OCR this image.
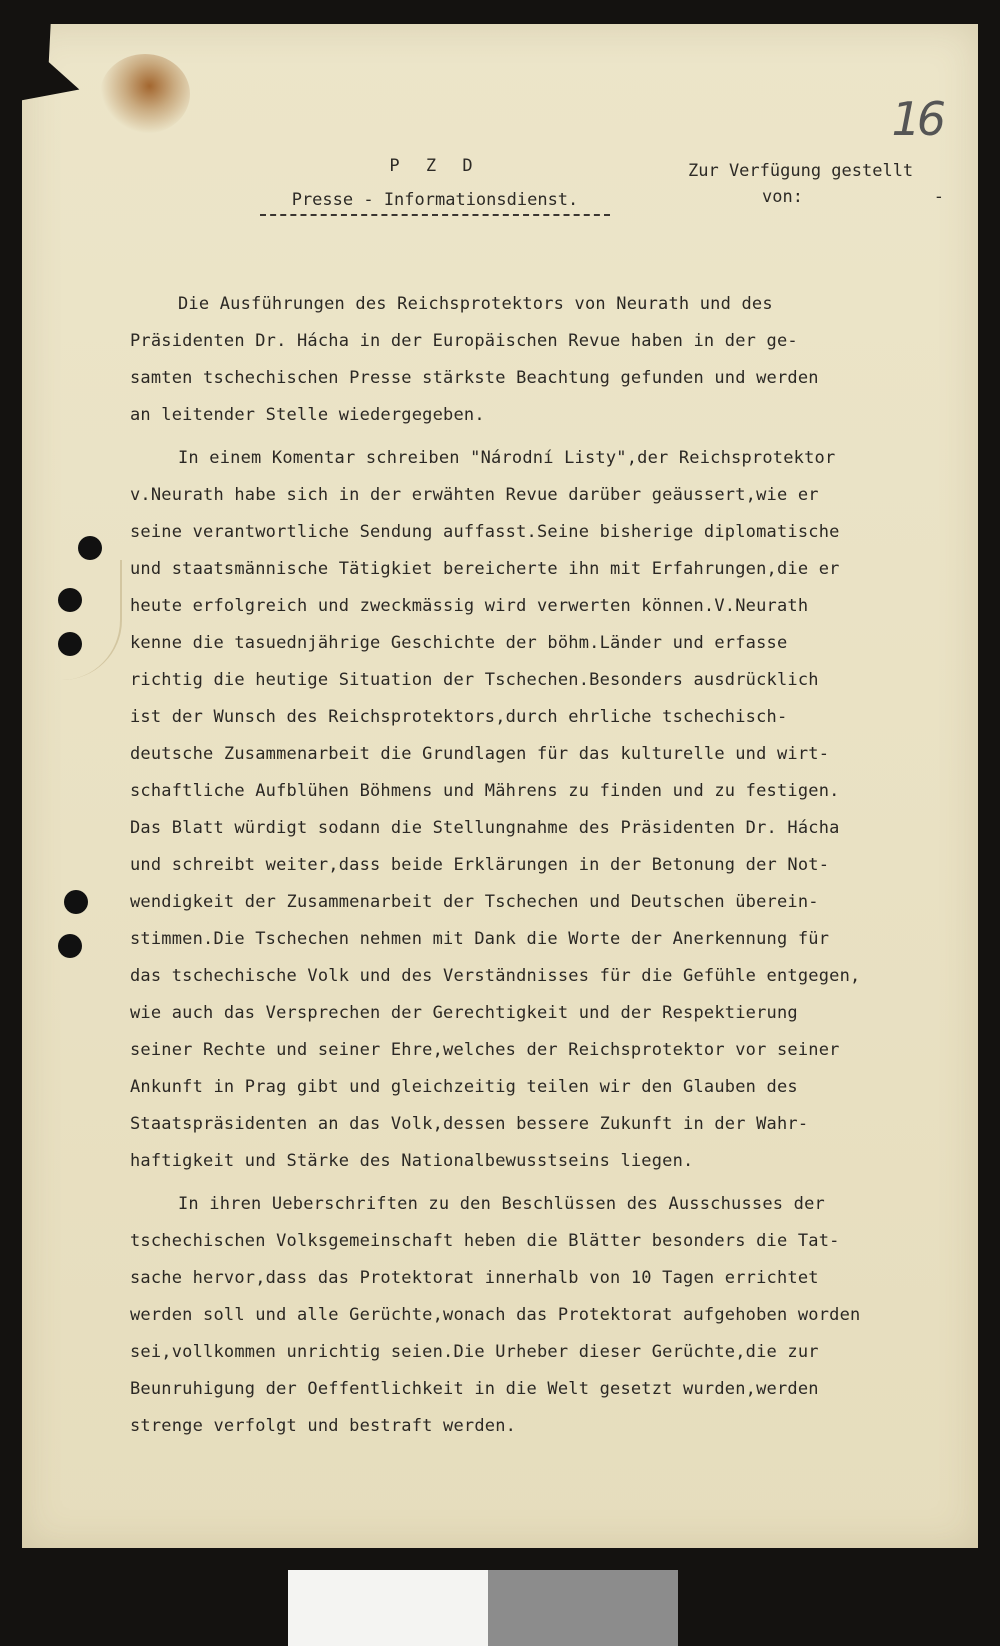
16
P Z D
Presse - Informationsdienst.
Zur Verfügung gestellt
von:	-
Die Ausführungen des Reichsprotektors von Neurath und des
Präsidenten Dr. Hácha in der Europäischen Revue haben in der ge-
samten tschechischen Presse stärkste Beachtung gefunden und werden
an leitender Stelle wiedergegeben.
In einem Komentar schreiben "Národní Listy",der Reichsprotektor
v.Neurath habe sich in der erwähten Revue darüber geäussert,wie er
seine verantwortliche Sendung auffasst.Seine bisherige diplomatische
und staatsmännische Tätigkiet bereicherte ihn mit Erfahrungen,die er
heute erfolgreich und zweckmässig wird verwerten können.V.Neurath
kenne die tasuednjährige Geschichte der böhm.Länder und erfasse
richtig die heutige Situation der Tschechen.Besonders ausdrücklich
ist der Wunsch des Reichsprotektors,durch ehrliche tschechisch-
deutsche Zusammenarbeit die Grundlagen für das kulturelle und wirt-
schaftliche Aufblühen Böhmens und Mährens zu finden und zu festigen.
Das Blatt würdigt sodann die Stellungnahme des Präsidenten Dr. Hácha
und schreibt weiter,dass beide Erklärungen in der Betonung der Not-
wendigkeit der Zusammenarbeit der Tschechen und Deutschen überein-
stimmen.Die Tschechen nehmen mit Dank die Worte der Anerkennung für
das tschechische Volk und des Verständnisses für die Gefühle entgegen,
wie auch das Versprechen der Gerechtigkeit und der Respektierung
seiner Rechte und seiner Ehre,welches der Reichsprotektor vor seiner
Ankunft in Prag gibt und gleichzeitig teilen wir den Glauben des
Staatspräsidenten an das Volk,dessen bessere Zukunft in der Wahr-
haftigkeit und Stärke des Nationalbewusstseins liegen.
In ihren Ueberschriften zu den Beschlüssen des Ausschusses der
tschechischen Volksgemeinschaft heben die Blätter besonders die Tat-
sache hervor,dass das Protektorat innerhalb von 10 Tagen errichtet
werden soll und alle Gerüchte,wonach das Protektorat aufgehoben worden
sei,vollkommen unrichtig seien.Die Urheber dieser Gerüchte,die zur
Beunruhigung der Oeffentlichkeit in die Welt gesetzt wurden,werden
strenge verfolgt und bestraft werden.
